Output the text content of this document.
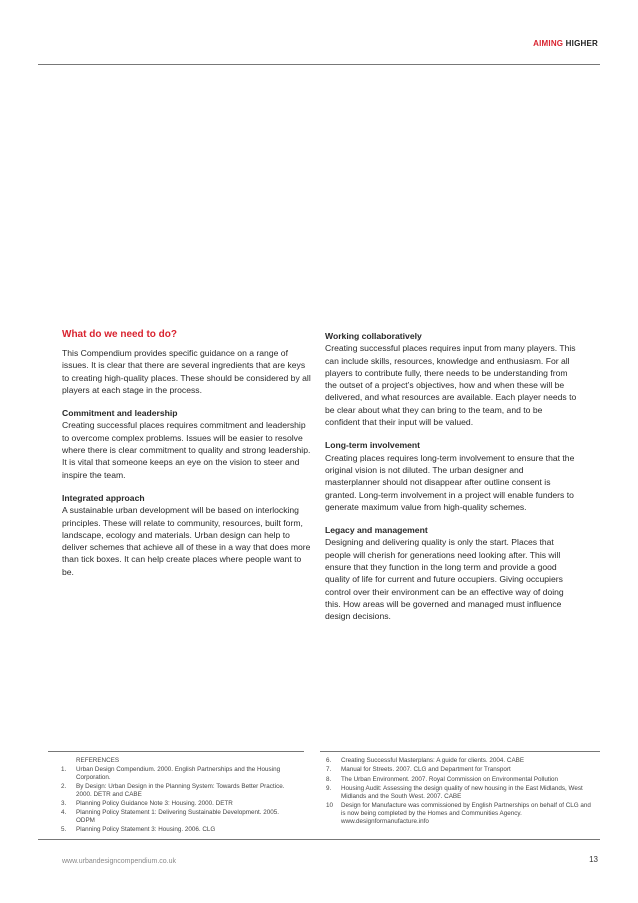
AIMING HIGHER
What do we need to do?

This Compendium provides specific guidance on a range of issues. It is clear that there are several ingredients that are keys to creating high-quality places. These should be considered by all players at each stage in the process.

Commitment and leadership

Creating successful places requires commitment and leadership to overcome complex problems. Issues will be easier to resolve where there is clear commitment to quality and strong leadership. It is vital that someone keeps an eye on the vision to steer and inspire the team.

Integrated approach

A sustainable urban development will be based on interlocking principles. These will relate to community, resources, built form, landscape, ecology and materials. Urban design can help to deliver schemes that achieve all of these in a way that does more than tick boxes. It can help create places where people want to be.

Working collaboratively

Creating successful places requires input from many players. This can include skills, resources, knowledge and enthusiasm. For all players to contribute fully, there needs to be understanding from the outset of a project’s objectives, how and when these will be delivered, and what resources are available. Each player needs to be clear about what they can bring to the team, and to be confident that their input will be valued.

Long-term involvement

Creating places requires long-term involvement to ensure that the original vision is not diluted. The urban designer and masterplanner should not disappear after outline consent is granted. Long-term involvement in a project will enable funders to generate maximum value from high-quality schemes.

Legacy and management

Designing and delivering quality is only the start. Places that people will cherish for generations need looking after. This will ensure that they function in the long term and provide a good quality of life for current and future occupiers. Giving occupiers control over their environment can be an effective way of doing this. How areas will be governed and managed must influence design decisions.

REFERENCES
1. Urban Design Compendium. 2000. English Partnerships and the Housing Corporation.
2. By Design: Urban Design in the Planning System: Towards Better Practice. 2000. DETR and CABE
3. Planning Policy Guidance Note 3: Housing. 2000. DETR
4. Planning Policy Statement 1: Delivering Sustainable Development. 2005. ODPM
5. Planning Policy Statement 3: Housing. 2006. CLG
6. Creating Successful Masterplans: A guide for clients. 2004. CABE
7. Manual for Streets. 2007. CLG and Department for Transport
8. The Urban Environment. 2007. Royal Commission on Environmental Pollution
9. Housing Audit: Assessing the design quality of new housing in the East Midlands, West Midlands and the South West. 2007. CABE
10 Design for Manufacture was commissioned by English Partnerships on behalf of CLG and is now being completed by the Homes and Communities Agency. www.designformanufacture.info
www.urbandesigncompendium.co.uk	13
